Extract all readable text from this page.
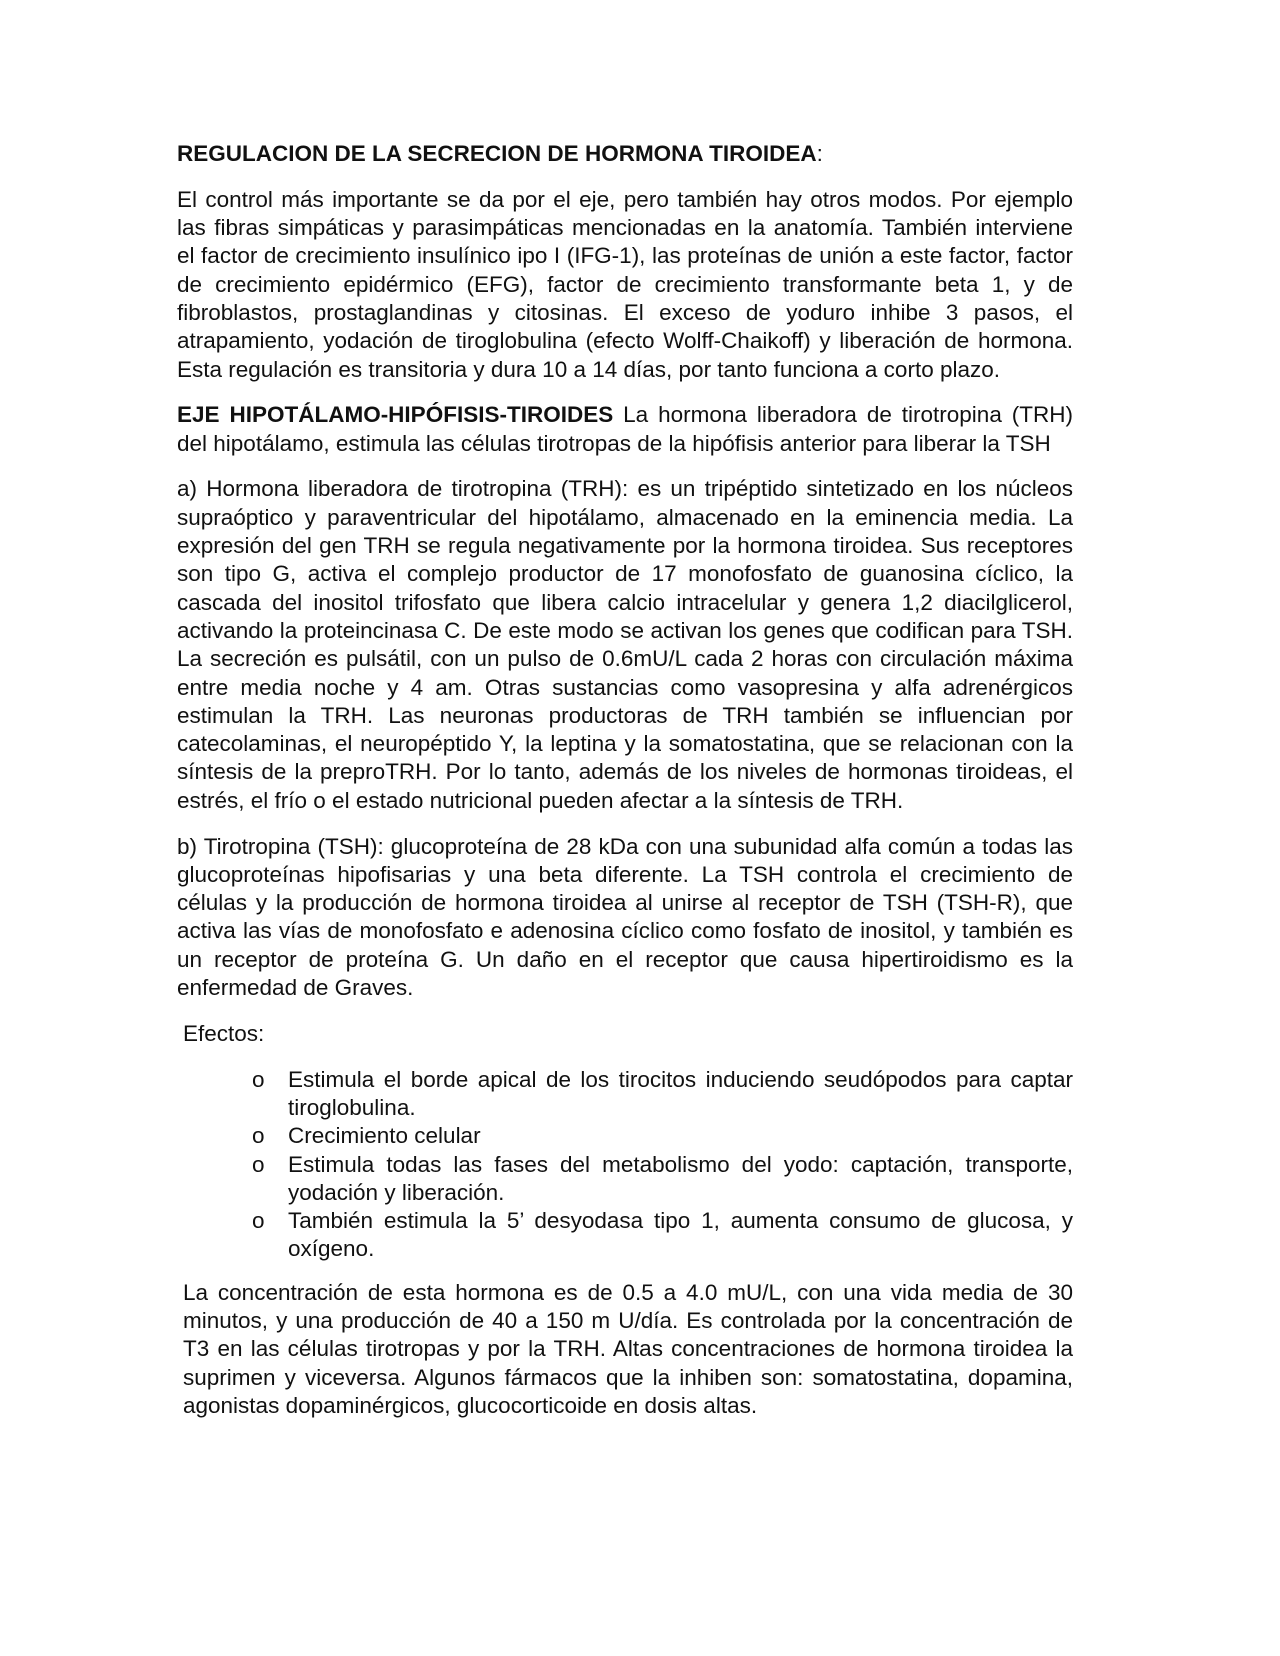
REGULACION DE LA SECRECION DE HORMONA TIROIDEA:

El control más importante se da por el eje, pero también hay otros modos. Por ejemplo las fibras simpáticas y parasimpáticas mencionadas en la anatomía. También interviene el factor de crecimiento insulínico ipo I (IFG-1), las proteínas de unión a este factor, factor de crecimiento epidérmico (EFG), factor de crecimiento transformante beta 1, y de fibroblastos, prostaglandinas y citosinas. El exceso de yoduro inhibe 3 pasos, el atrapamiento, yodación de tiroglobulina (efecto Wolff-Chaikoff) y liberación de hormona. Esta regulación es transitoria y dura 10 a 14 días, por tanto funciona a corto plazo.

EJE HIPOTÁLAMO-HIPÓFISIS-TIROIDES La hormona liberadora de tirotropina (TRH) del hipotálamo, estimula las células tirotropas de la hipófisis anterior para liberar la TSH

a) Hormona liberadora de tirotropina (TRH): es un tripéptido sintetizado en los núcleos supraóptico y paraventricular del hipotálamo, almacenado en la eminencia media. La expresión del gen TRH se regula negativamente por la hormona tiroidea. Sus receptores son tipo G, activa el complejo productor de 17 monofosfato de guanosina cíclico, la cascada del inositol trifosfato que libera calcio intracelular y genera 1,2 diacilglicerol, activando la proteincinasa C. De este modo se activan los genes que codifican para TSH. La secreción es pulsátil, con un pulso de 0.6mU/L cada 2 horas con circulación máxima entre media noche y 4 am. Otras sustancias como vasopresina y alfa adrenérgicos estimulan la TRH. Las neuronas productoras de TRH también se influencian por catecolaminas, el neuropéptido Y, la leptina y la somatostatina, que se relacionan con la síntesis de la preproTRH. Por lo tanto, además de los niveles de hormonas tiroideas, el estrés, el frío o el estado nutricional pueden afectar a la síntesis de TRH.

b) Tirotropina (TSH): glucoproteína de 28 kDa con una subunidad alfa común a todas las glucoproteínas hipofisarias y una beta diferente. La TSH controla el crecimiento de células y la producción de hormona tiroidea al unirse al receptor de TSH (TSH-R), que activa las vías de monofosfato e adenosina cíclico como fosfato de inositol, y también es un receptor de proteína G. Un daño en el receptor que causa hipertiroidismo es la enfermedad de Graves.

Efectos:

o Estimula el borde apical de los tirocitos induciendo seudópodos para captar tiroglobulina.
o Crecimiento celular
o Estimula todas las fases del metabolismo del yodo: captación, transporte, yodación y liberación.
o También estimula la 5’ desyodasa tipo 1, aumenta consumo de glucosa, y oxígeno.

La concentración de esta hormona es de 0.5 a 4.0 mU/L, con una vida media de 30 minutos, y una producción de 40 a 150 m U/día. Es controlada por la concentración de T3 en las células tirotropas y por la TRH. Altas concentraciones de hormona tiroidea la suprimen y viceversa. Algunos fármacos que la inhiben son: somatostatina, dopamina, agonistas dopaminérgicos, glucocorticoide en dosis altas.
